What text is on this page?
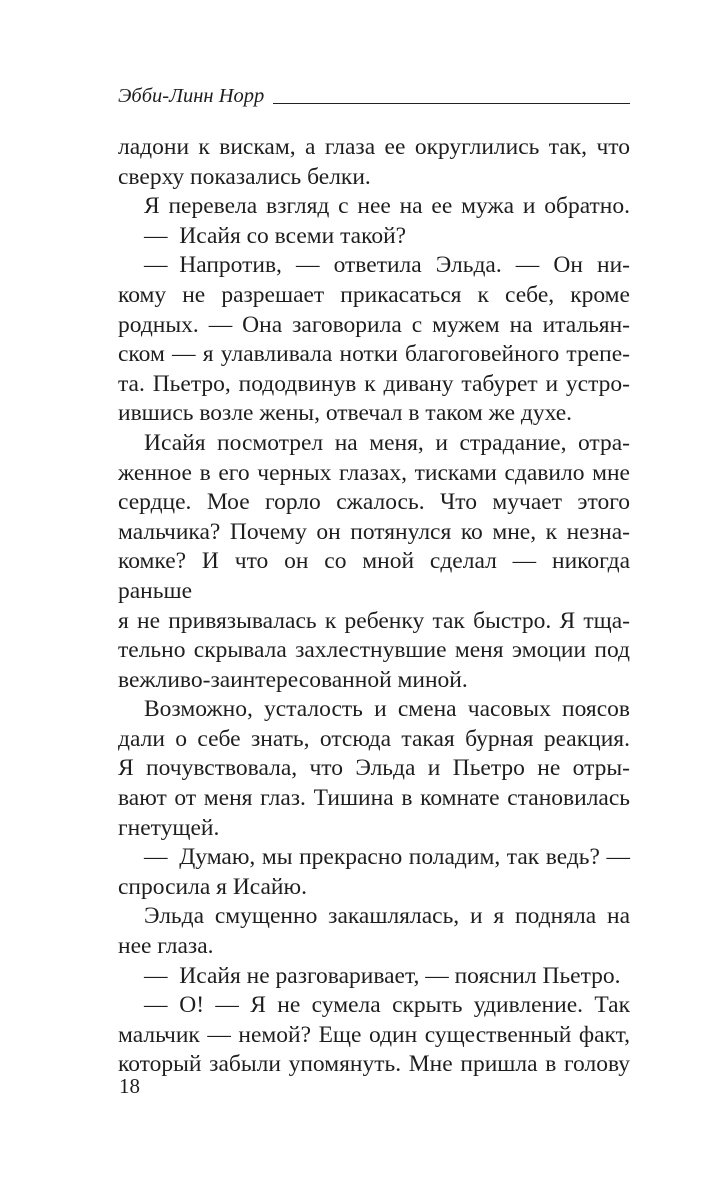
Эбби-Линн Норр
ладони к вискам, а глаза ее округлились так, что
сверху показались белки.
Я перевела взгляд с нее на ее мужа и обратно.
— Исайя со всеми такой?
— Напротив, — ответила Эльда. — Он ни-
кому не разрешает прикасаться к себе, кроме
родных. — Она заговорила с мужем на итальян-
ском — я улавливала нотки благоговейного трепе-
та. Пьетро, пододвинув к дивану табурет и устро-
ившись возле жены, отвечал в таком же духе.
Исайя посмотрел на меня, и страдание, отра-
женное в его черных глазах, тисками сдавило мне
сердце. Мое горло сжалось. Что мучает этого
мальчика? Почему он потянулся ко мне, к незна-
комке? И что он со мной сделал — никогда раньше
я не привязывалась к ребенку так быстро. Я тща-
тельно скрывала захлестнувшие меня эмоции под
вежливо-заинтересованной миной.
Возможно, усталость и смена часовых поясов
дали о себе знать, отсюда такая бурная реакция.
Я почувствовала, что Эльда и Пьетро не отры-
вают от меня глаз. Тишина в комнате становилась
гнетущей.
— Думаю, мы прекрасно поладим, так ведь? —
спросила я Исайю.
Эльда смущенно закашлялась, и я подняла на
нее глаза.
— Исайя не разговаривает, — пояснил Пьетро.
— О! — Я не сумела скрыть удивление. Так
мальчик — немой? Еще один существенный факт,
который забыли упомянуть. Мне пришла в голову
18
